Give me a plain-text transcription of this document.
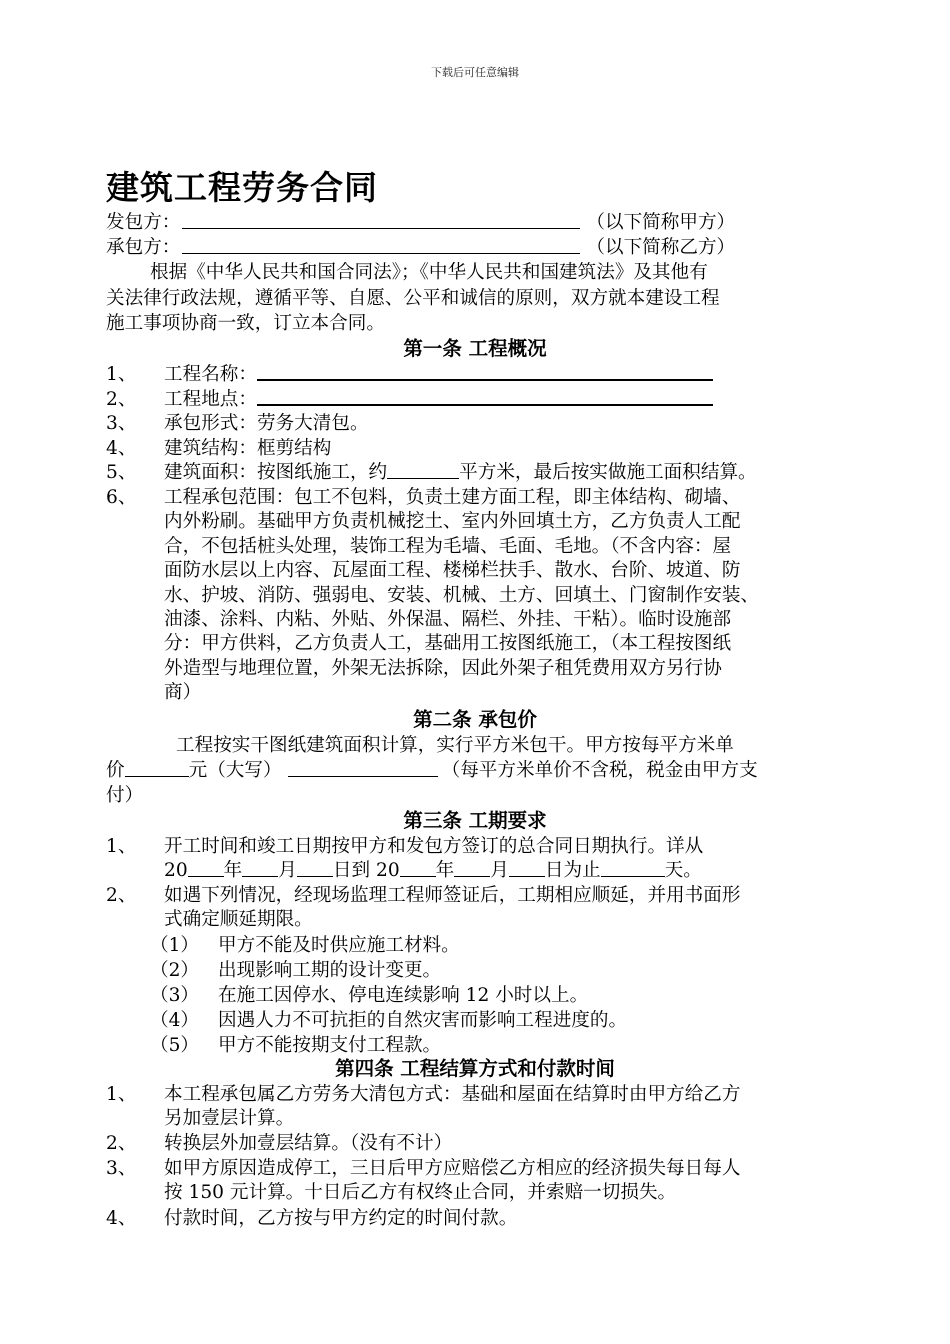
下载后可任意编辑
建筑工程劳务合同
发包方：	（以下简称甲方）
承包方：	（以下简称乙方）
根据《中华人民共和国合同法》；《中华人民共和国建筑法》及其他有
关法律行政法规，遵循平等、自愿、公平和诚信的原则，双方就本建设工程
施工事项协商一致，订立本合同。
第一条 工程概况
1、 工程名称：
2、 工程地点：
3、 承包形式：劳务大清包。
4、 建筑结构：框剪结构
5、 建筑面积：按图纸施工，约	平方米，最后按实做施工面积结算。
6、 工程承包范围：包工不包料，负责土建方面工程，即主体结构、砌墙、
内外粉刷。基础甲方负责机械挖土、室内外回填土方，乙方负责人工配
合，不包括桩头处理，装饰工程为毛墙、毛面、毛地。（不含内容：屋
面防水层以上内容、瓦屋面工程、楼梯栏扶手、散水、台阶、坡道、防
水、护坡、消防、强弱电、安装、机械、土方、回填土、门窗制作安装、
油漆、涂料、内粘、外贴、外保温、隔栏、外挂、干粘）。临时设施部
分：甲方供料，乙方负责人工，基础用工按图纸施工，（本工程按图纸
外造型与地理位置，外架无法拆除，因此外架子租凭费用双方另行协
商）
第二条 承包价
工程按实干图纸建筑面积计算，实行平方米包干。甲方按每平方米单
价	元（大写）	（每平方米单价不含税，税金由甲方支
付）
第三条 工期要求
1、 开工时间和竣工日期按甲方和发包方签订的总合同日期执行。详从
20 年 月 日到 20 年 月 日为止	天。
2、 如遇下列情况，经现场监理工程师签证后，工期相应顺延，并用书面形
式确定顺延期限。
（1） 甲方不能及时供应施工材料。
（2） 出现影响工期的设计变更。
（3） 在施工因停水、停电连续影响 12 小时以上。
（4） 因遇人力不可抗拒的自然灾害而影响工程进度的。
（5） 甲方不能按期支付工程款。
第四条 工程结算方式和付款时间
1、 本工程承包属乙方劳务大清包方式：基础和屋面在结算时由甲方给乙方
另加壹层计算。
2、 转换层外加壹层结算。（没有不计）
3、 如甲方原因造成停工，三日后甲方应赔偿乙方相应的经济损失每日每人
按 150 元计算。十日后乙方有权终止合同，并索赔一切损失。
4、 付款时间，乙方按与甲方约定的时间付款。
